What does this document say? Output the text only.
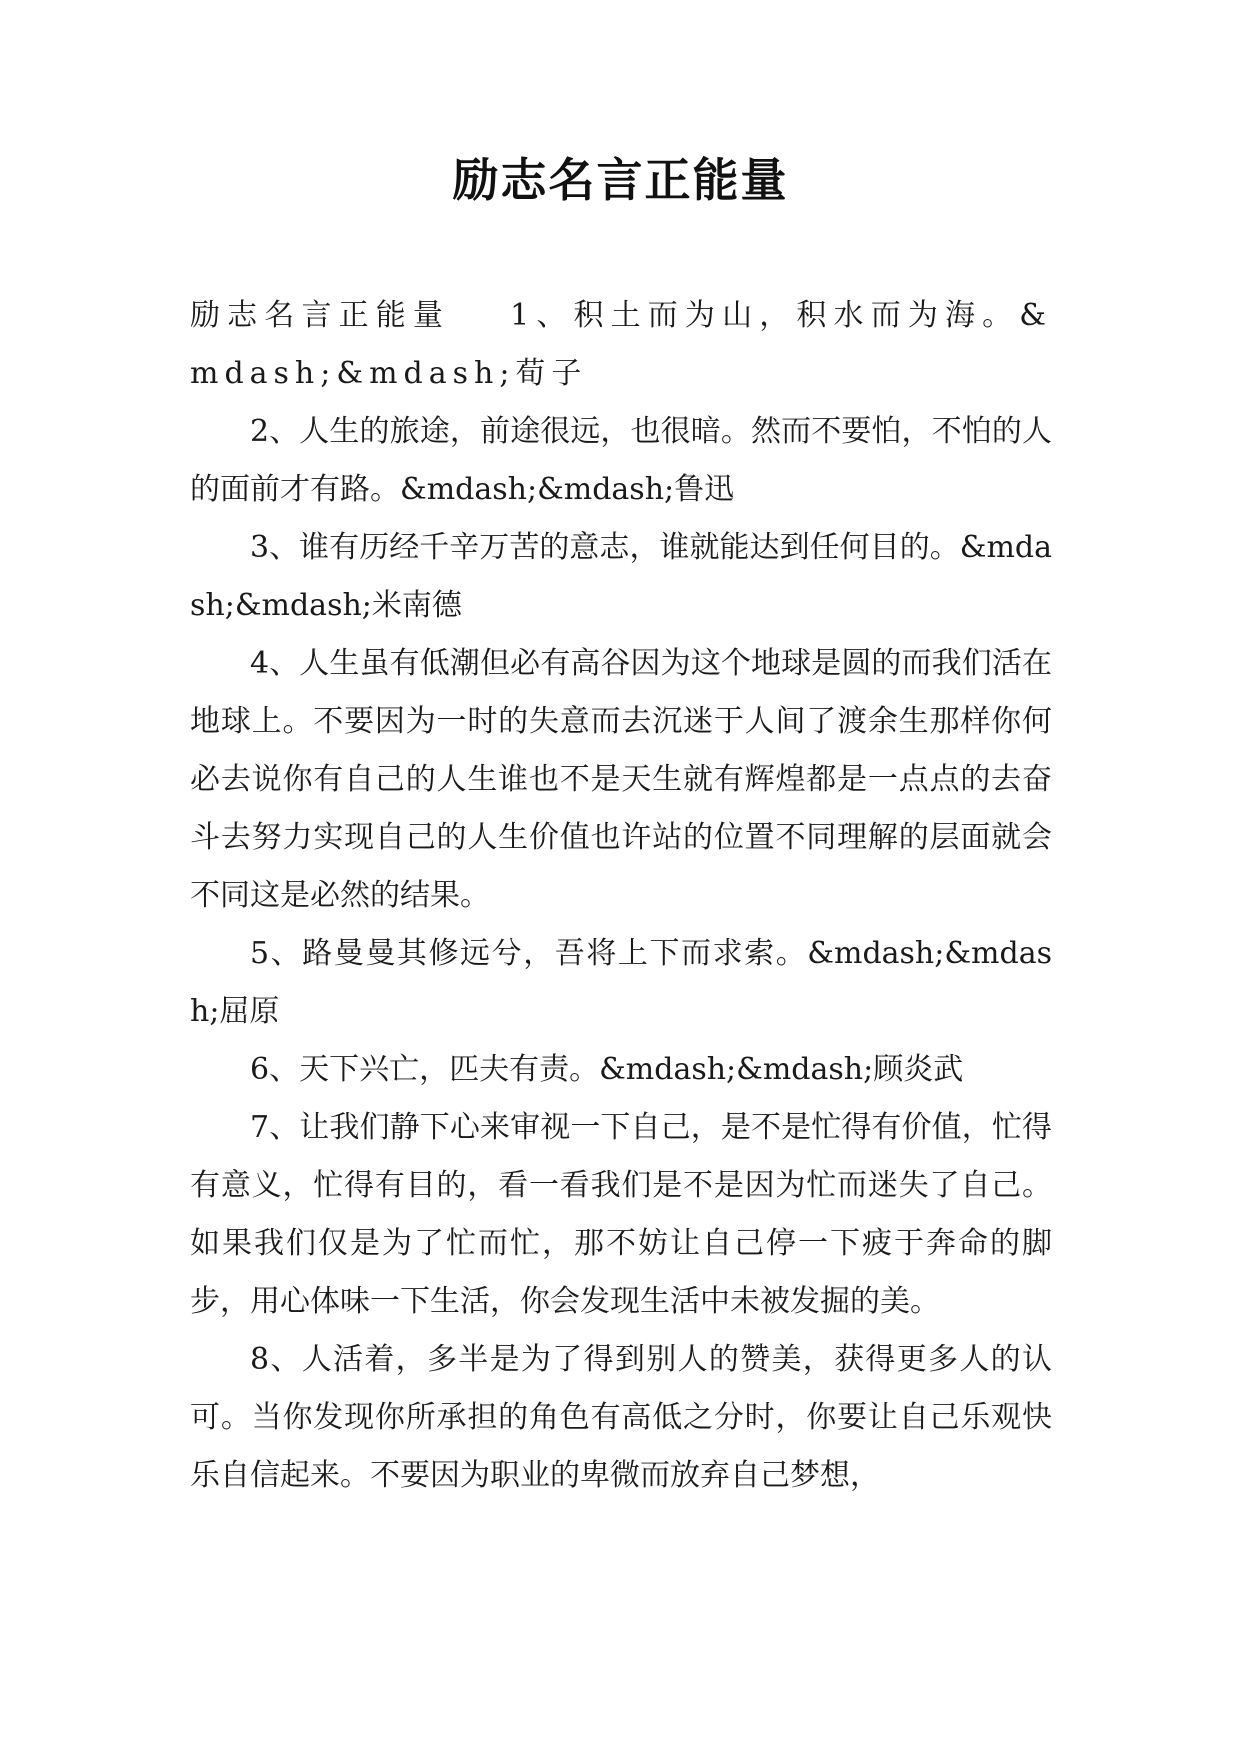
励志名言正能量

励志名言正能量 1、积土而为山，积水而为海。&mdash;&mdash;荀子

2、人生的旅途，前途很远，也很暗。然而不要怕，不怕的人的面前才有路。&mdash;&mdash;鲁迅

3、谁有历经千辛万苦的意志，谁就能达到任何目的。&mdash;&mdash;米南德

4、人生虽有低潮但必有高谷因为这个地球是圆的而我们活在地球上。不要因为一时的失意而去沉迷于人间了渡余生那样你何必去说你有自己的人生谁也不是天生就有辉煌都是一点点的去奋斗去努力实现自己的人生价值也许站的位置不同理解的层面就会不同这是必然的结果。

5、路曼曼其修远兮，吾将上下而求索。&mdash;&mdash;屈原

6、天下兴亡，匹夫有责。&mdash;&mdash;顾炎武

7、让我们静下心来审视一下自己，是不是忙得有价值，忙得有意义，忙得有目的，看一看我们是不是因为忙而迷失了自己。如果我们仅是为了忙而忙，那不妨让自己停一下疲于奔命的脚步，用心体味一下生活，你会发现生活中未被发掘的美。

8、人活着，多半是为了得到别人的赞美，获得更多人的认可。当你发现你所承担的角色有高低之分时，你要让自己乐观快乐自信起来。不要因为职业的卑微而放弃自己梦想，
